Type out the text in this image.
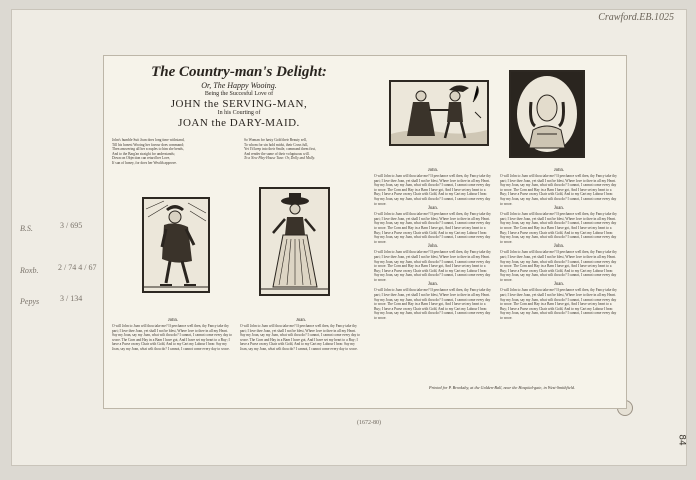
Crawford.EB.1025
84
B.S.	3 / 695
Roxb. 2 / 74 4 / 67
Pepys	3 / 134
(1672-80)
The Country-man's Delight:
Or, The Happy Wooing.
Being the Succesful Love of
JOHN the SERVING-MAN,
In his Courting of
JOAN the DARY-MAID.
John's humble Suit Joan does long time withstand,
Till his honest Wooing her favour does command;
Then answering all her scruples to him she bends,
And to the Barg'an straight for understands;
Down on Objection can retard her Love,
If sun of honey, for does her Wealth approve.
So Woman for hasty Gold their Beauty sell,
To whom for sin hold midst, their Cross full,
Yet I'd keep into their Smile, command them first,
And render the same of their voluptuous will.
To a New Play-House Tune: Or, Dolly and Molly.
John.
O will John to Joan will thou take me? If perchance well then, thy Fancy take thy part; I love thee Joan, yet shall I not be blest, Where love to thee in all my Heart. Say my Joan, say my Joan, what wilt thou do? I cannot, I cannot come every day to wooe. The Corn and Hay in a Barn I have got, And I have set my heart to a Buy; I have a Purse on my Chair with Gold, And to my Cart my Labour I bear. Say my Joan, say my Joan, what wilt thou do? I cannot, I cannot come every day to wooe.
Joan.
O will John to Joan will thou take me? If perchance well then, thy Fancy take thy part; I love thee Joan, yet shall I not be blest, Where love to thee in all my Heart. Say my Joan, say my Joan, what wilt thou do? I cannot, I cannot come every day to wooe. The Corn and Hay in a Barn I have got, And I have set my heart to a Buy; I have a Purse on my Chair with Gold, And to my Cart my Labour I bear. Say my Joan, say my Joan, what wilt thou do? I cannot, I cannot come every day to wooe.
John.
O will John to Joan will thou take me? If perchance well then, thy Fancy take thy part; I love thee Joan, yet shall I not be blest, Where love to thee in all my Heart. Say my Joan, say my Joan, what wilt thou do? I cannot, I cannot come every day to wooe. The Corn and Hay in a Barn I have got, And I have set my heart to a Buy; I have a Purse on my Chair with Gold, And to my Cart my Labour I bear. Say my Joan, say my Joan, what wilt thou do? I cannot, I cannot come every day to wooe.
Joan.
O will John to Joan will thou take me? If perchance well then, thy Fancy take thy part; I love thee Joan, yet shall I not be blest, Where love to thee in all my Heart. Say my Joan, say my Joan, what wilt thou do? I cannot, I cannot come every day to wooe. The Corn and Hay in a Barn I have got, And I have set my heart to a Buy; I have a Purse on my Chair with Gold, And to my Cart my Labour I bear. Say my Joan, say my Joan, what wilt thou do? I cannot, I cannot come every day to wooe.
John.
O will John to Joan will thou take me? If perchance well then, thy Fancy take thy part; I love thee Joan, yet shall I not be blest, Where love to thee in all my Heart. Say my Joan, say my Joan, what wilt thou do? I cannot, I cannot come every day to wooe. The Corn and Hay in a Barn I have got, And I have set my heart to a Buy; I have a Purse on my Chair with Gold, And to my Cart my Labour I bear. Say my Joan, say my Joan, what wilt thou do? I cannot, I cannot come every day to wooe.
Joan.
O will John to Joan will thou take me? If perchance well then, thy Fancy take thy part; I love thee Joan, yet shall I not be blest, Where love to thee in all my Heart. Say my Joan, say my Joan, what wilt thou do? I cannot, I cannot come every day to wooe. The Corn and Hay in a Barn I have got, And I have set my heart to a Buy; I have a Purse on my Chair with Gold, And to my Cart my Labour I bear. Say my Joan, say my Joan, what wilt thou do? I cannot, I cannot come every day to wooe.
John.
O will John to Joan will thou take me? If perchance well then, thy Fancy take thy part; I love thee Joan, yet shall I not be blest, Where love to thee in all my Heart. Say my Joan, say my Joan, what wilt thou do? I cannot, I cannot come every day to wooe. The Corn and Hay in a Barn I have got, And I have set my heart to a Buy; I have a Purse on my Chair with Gold, And to my Cart my Labour I bear. Say my Joan, say my Joan, what wilt thou do? I cannot, I cannot come every day to wooe.
Joan.
O will John to Joan will thou take me? If perchance well then, thy Fancy take thy part; I love thee Joan, yet shall I not be blest, Where love to thee in all my Heart. Say my Joan, say my Joan, what wilt thou do? I cannot, I cannot come every day to wooe. The Corn and Hay in a Barn I have got, And I have set my heart to a Buy; I have a Purse on my Chair with Gold, And to my Cart my Labour I bear. Say my Joan, say my Joan, what wilt thou do? I cannot, I cannot come every day to wooe.
John.
O will John to Joan will thou take me? If perchance well then, thy Fancy take thy part; I love thee Joan, yet shall I not be blest, Where love to thee in all my Heart. Say my Joan, say my Joan, what wilt thou do? I cannot, I cannot come every day to wooe. The Corn and Hay in a Barn I have got, And I have set my heart to a Buy; I have a Purse on my Chair with Gold, And to my Cart my Labour I bear. Say my Joan, say my Joan, what wilt thou do? I cannot, I cannot come every day to wooe.
Joan.
O will John to Joan will thou take me? If perchance well then, thy Fancy take thy part; I love thee Joan, yet shall I not be blest, Where love to thee in all my Heart. Say my Joan, say my Joan, what wilt thou do? I cannot, I cannot come every day to wooe. The Corn and Hay in a Barn I have got, And I have set my heart to a Buy; I have a Purse on my Chair with Gold, And to my Cart my Labour I bear. Say my Joan, say my Joan, what wilt thou do? I cannot, I cannot come every day to wooe.
Printed for P. Brooksby, at the Golden-Ball, near the Hospital-gate, in West-Smithfield.
